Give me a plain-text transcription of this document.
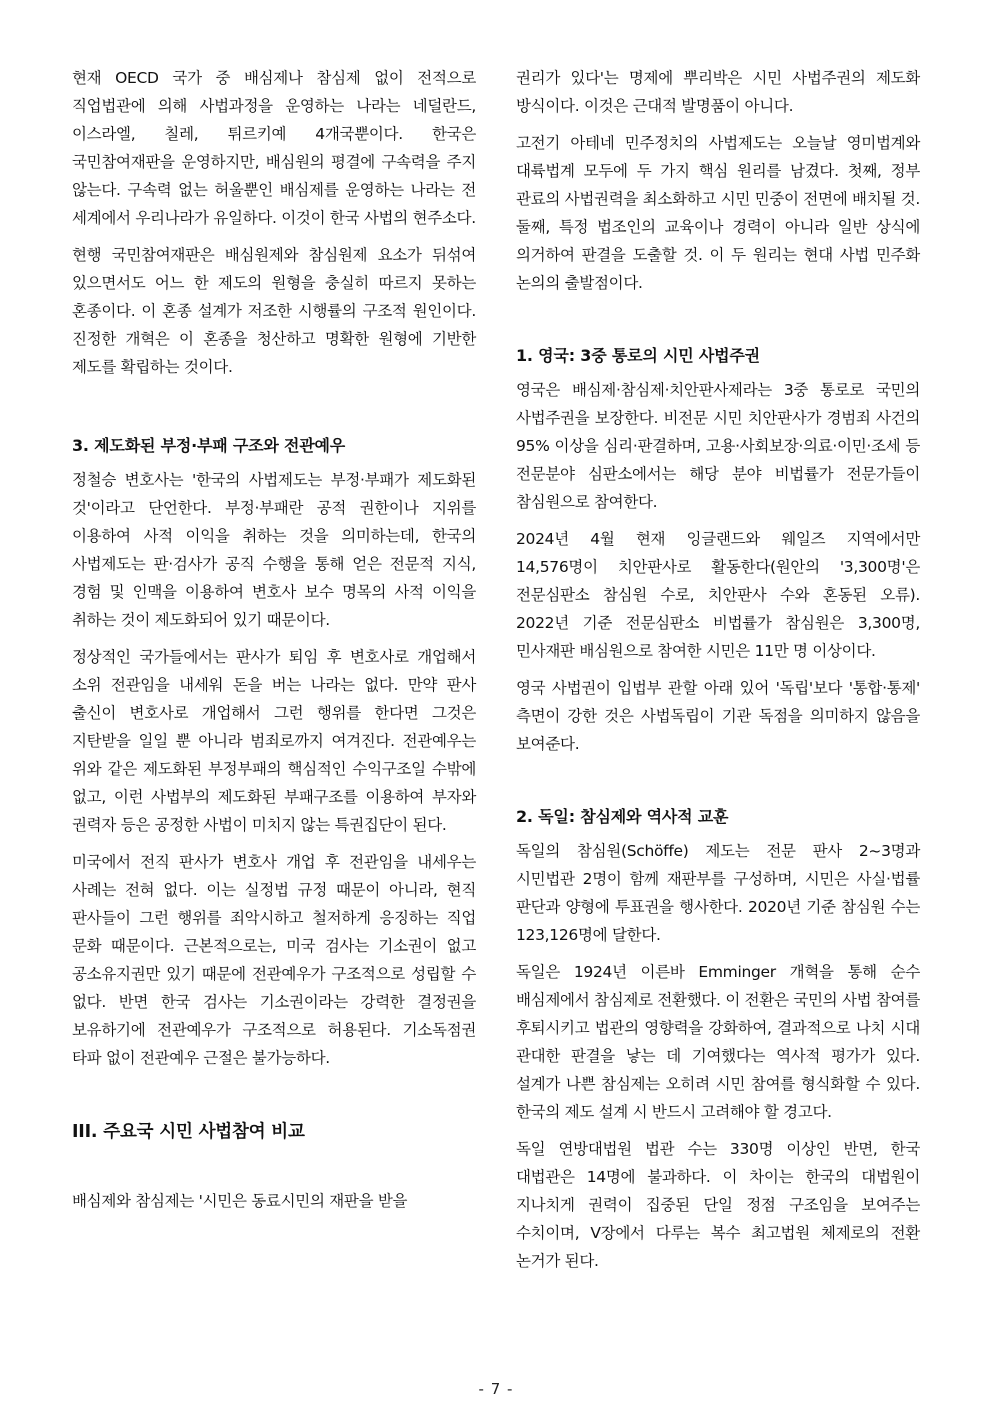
현재 OECD 국가 중 배심제나 참심제 없이 전적으로 직업법관에 의해 사법과정을 운영하는 나라는 네덜란드, 이스라엘, 칠레, 튀르키예 4개국뿐이다. 한국은 국민참여재판을 운영하지만, 배심원의 평결에 구속력을 주지 않는다. 구속력 없는 허울뿐인 배심제를 운영하는 나라는 전 세계에서 우리나라가 유일하다. 이것이 한국 사법의 현주소다.

현행 국민참여재판은 배심원제와 참심원제 요소가 뒤섞여 있으면서도 어느 한 제도의 원형을 충실히 따르지 못하는 혼종이다. 이 혼종 설계가 저조한 시행률의 구조적 원인이다. 진정한 개혁은 이 혼종을 청산하고 명확한 원형에 기반한 제도를 확립하는 것이다.

3. 제도화된 부정·부패 구조와 전관예우

정철승 변호사는 '한국의 사법제도는 부정·부패가 제도화된 것'이라고 단언한다. 부정·부패란 공적 권한이나 지위를 이용하여 사적 이익을 취하는 것을 의미하는데, 한국의 사법제도는 판·검사가 공직 수행을 통해 얻은 전문적 지식, 경험 및 인맥을 이용하여 변호사 보수 명목의 사적 이익을 취하는 것이 제도화되어 있기 때문이다.

정상적인 국가들에서는 판사가 퇴임 후 변호사로 개업해서 소위 전관임을 내세워 돈을 버는 나라는 없다. 만약 판사 출신이 변호사로 개업해서 그런 행위를 한다면 그것은 지탄받을 일일 뿐 아니라 범죄로까지 여겨진다. 전관예우는 위와 같은 제도화된 부정부패의 핵심적인 수익구조일 수밖에 없고, 이런 사법부의 제도화된 부패구조를 이용하여 부자와 권력자 등은 공정한 사법이 미치지 않는 특권집단이 된다.

미국에서 전직 판사가 변호사 개업 후 전관임을 내세우는 사례는 전혀 없다. 이는 실정법 규정 때문이 아니라, 현직 판사들이 그런 행위를 죄악시하고 철저하게 응징하는 직업 문화 때문이다. 근본적으로는, 미국 검사는 기소권이 없고 공소유지권만 있기 때문에 전관예우가 구조적으로 성립할 수 없다. 반면 한국 검사는 기소권이라는 강력한 결정권을 보유하기에 전관예우가 구조적으로 허용된다. 기소독점권 타파 없이 전관예우 근절은 불가능하다.

III. 주요국 시민 사법참여 비교

배심제와 참심제는 '시민은 동료시민의 재판을 받을

권리가 있다'는 명제에 뿌리박은 시민 사법주권의 제도화 방식이다. 이것은 근대적 발명품이 아니다.

고전기 아테네 민주정치의 사법제도는 오늘날 영미법계와 대륙법계 모두에 두 가지 핵심 원리를 남겼다. 첫째, 정부 관료의 사법권력을 최소화하고 시민 민중이 전면에 배치될 것. 둘째, 특정 법조인의 교육이나 경력이 아니라 일반 상식에 의거하여 판결을 도출할 것. 이 두 원리는 현대 사법 민주화 논의의 출발점이다.

1. 영국: 3중 통로의 시민 사법주권

영국은 배심제·참심제·치안판사제라는 3중 통로로 국민의 사법주권을 보장한다. 비전문 시민 치안판사가 경범죄 사건의 95% 이상을 심리·판결하며, 고용·사회보장·의료·이민·조세 등 전문분야 심판소에서는 해당 분야 비법률가 전문가들이 참심원으로 참여한다.

2024년 4월 현재 잉글랜드와 웨일즈 지역에서만 14,576명이 치안판사로 활동한다(원안의 '3,300명'은 전문심판소 참심원 수로, 치안판사 수와 혼동된 오류). 2022년 기준 전문심판소 비법률가 참심원은 3,300명, 민사재판 배심원으로 참여한 시민은 11만 명 이상이다.

영국 사법권이 입법부 관할 아래 있어 '독립'보다 '통합·통제' 측면이 강한 것은 사법독립이 기관 독점을 의미하지 않음을 보여준다.

2. 독일: 참심제와 역사적 교훈

독일의 참심원(Schöffe) 제도는 전문 판사 2~3명과 시민법관 2명이 함께 재판부를 구성하며, 시민은 사실·법률 판단과 양형에 투표권을 행사한다. 2020년 기준 참심원 수는 123,126명에 달한다.

독일은 1924년 이른바 Emminger 개혁을 통해 순수 배심제에서 참심제로 전환했다. 이 전환은 국민의 사법 참여를 후퇴시키고 법관의 영향력을 강화하여, 결과적으로 나치 시대 관대한 판결을 낳는 데 기여했다는 역사적 평가가 있다. 설계가 나쁜 참심제는 오히려 시민 참여를 형식화할 수 있다. 한국의 제도 설계 시 반드시 고려해야 할 경고다.

독일 연방대법원 법관 수는 330명 이상인 반면, 한국 대법관은 14명에 불과하다. 이 차이는 한국의 대법원이 지나치게 권력이 집중된 단일 정점 구조임을 보여주는 수치이며, V장에서 다루는 복수 최고법원 체제로의 전환 논거가 된다.

- 7 -
